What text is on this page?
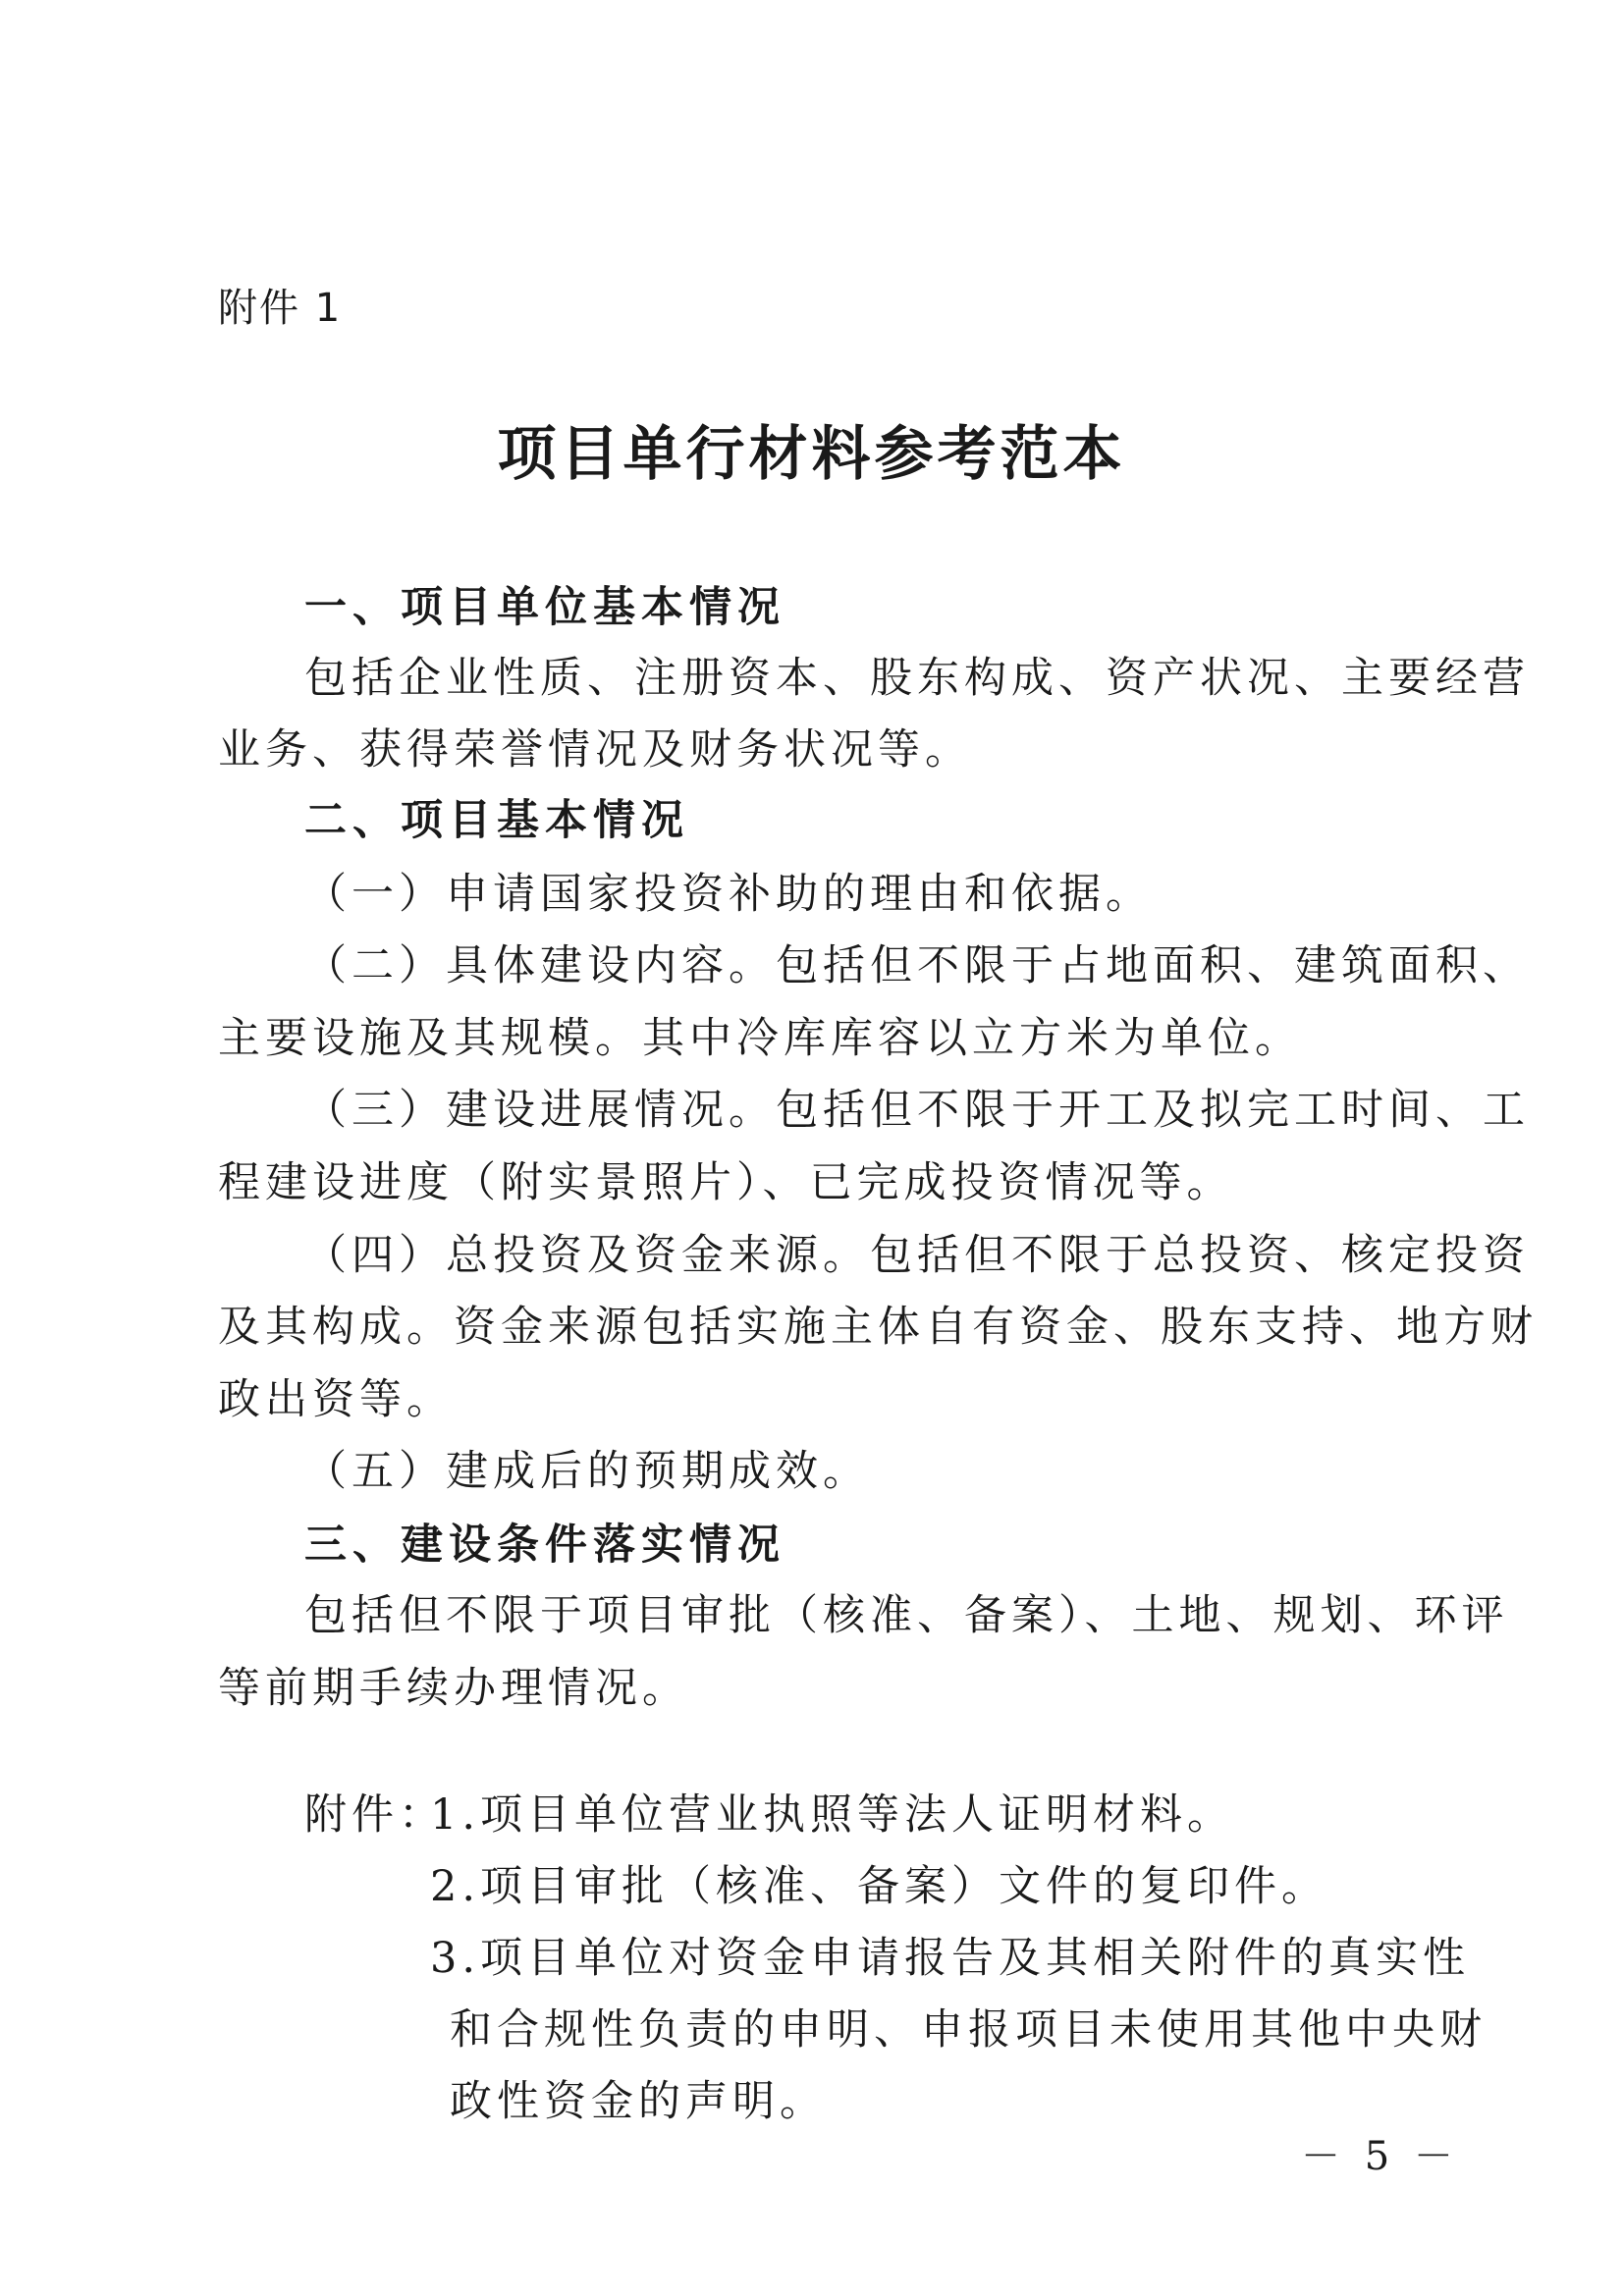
附件 1
项目单行材料参考范本
一、项目单位基本情况
包括企业性质、注册资本、股东构成、资产状况、主要经营
业务、获得荣誉情况及财务状况等。
二、项目基本情况
（一）申请国家投资补助的理由和依据。
（二）具体建设内容。包括但不限于占地面积、建筑面积、
主要设施及其规模。其中冷库库容以立方米为单位。
（三）建设进展情况。包括但不限于开工及拟完工时间、工
程建设进度（附实景照片）、已完成投资情况等。
（四）总投资及资金来源。包括但不限于总投资、核定投资
及其构成。资金来源包括实施主体自有资金、股东支持、地方财
政出资等。
（五）建成后的预期成效。
三、建设条件落实情况
包括但不限于项目审批（核准、备案）、土地、规划、环评
等前期手续办理情况。
附件：
1.项目单位营业执照等法人证明材料。
2.项目审批（核准、备案）文件的复印件。
3.项目单位对资金申请报告及其相关附件的真实性
和合规性负责的申明、申报项目未使用其他中央财
政性资金的声明。
－ 5 －
